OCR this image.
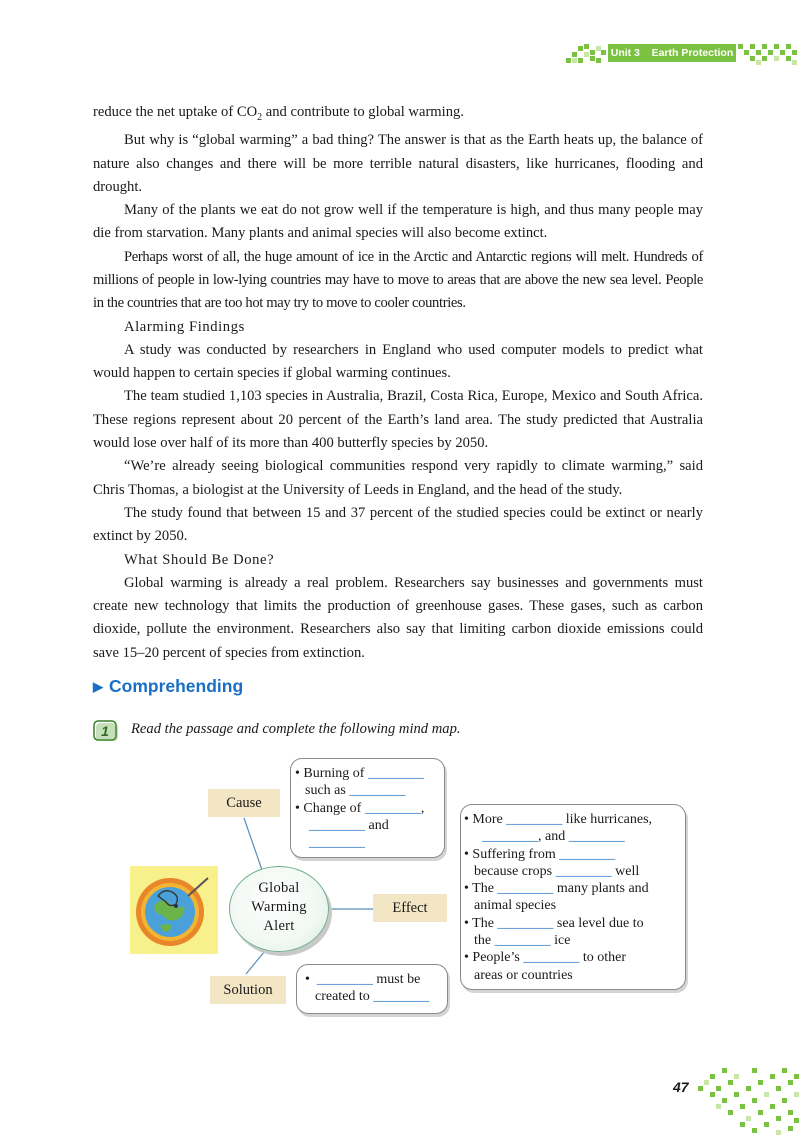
Unit 3    Earth Protection

reduce the net uptake of $CO_2$ and contribute to global warming.

But why is “global warming” a bad thing? The answer is that as the Earth heats up, the balance of nature also changes and there will be more terrible natural disasters, like hurricanes, flooding and drought.

Many of the plants we eat do not grow well if the temperature is high, and thus many people may die from starvation. Many plants and animal species will also become extinct.

Perhaps worst of all, the huge amount of ice in the Arctic and Antarctic regions will melt. Hundreds of millions of people in low-lying countries may have to move to areas that are above the new sea level. People in the countries that are too hot may try to move to cooler countries.

Alarming Findings

A study was conducted by researchers in England who used computer models to predict what would happen to certain species if global warming continues.

The team studied 1,103 species in Australia, Brazil, Costa Rica, Europe, Mexico and South Africa. These regions represent about 20 percent of the Earth’s land area. The study predicted that Australia would lose over half of its more than 400 butterfly species by 2050.

“We’re already seeing biological communities respond very rapidly to climate warming,” said Chris Thomas, a biologist at the University of Leeds in England, and the head of the study.

The study found that between 15 and 37 percent of the studied species could be extinct or nearly extinct by 2050.

What Should Be Done?

Global warming is already a real problem. Researchers say businesses and governments must create new technology that limits the production of greenhouse gases. These gases, such as carbon dioxide, pollute the environment. Researchers also say that limiting carbon dioxide emissions could save 15–20 percent of species from extinction.

▶ Comprehending
1 Read the passage and complete the following mind map.
Global
Warming
Alert
Cause
Effect
Solution
• Burning of ________
such as ________
• Change of ________,
________ and
________
• More ________ like hurricanes,
________, and ________
• Suffering from ________
because crops ________ well
• The ________ many plants and
animal species
• The ________ sea level due to
the ________ ice
• People’s ________ to other
areas or countries
•  ________ must be
created to ________
47
